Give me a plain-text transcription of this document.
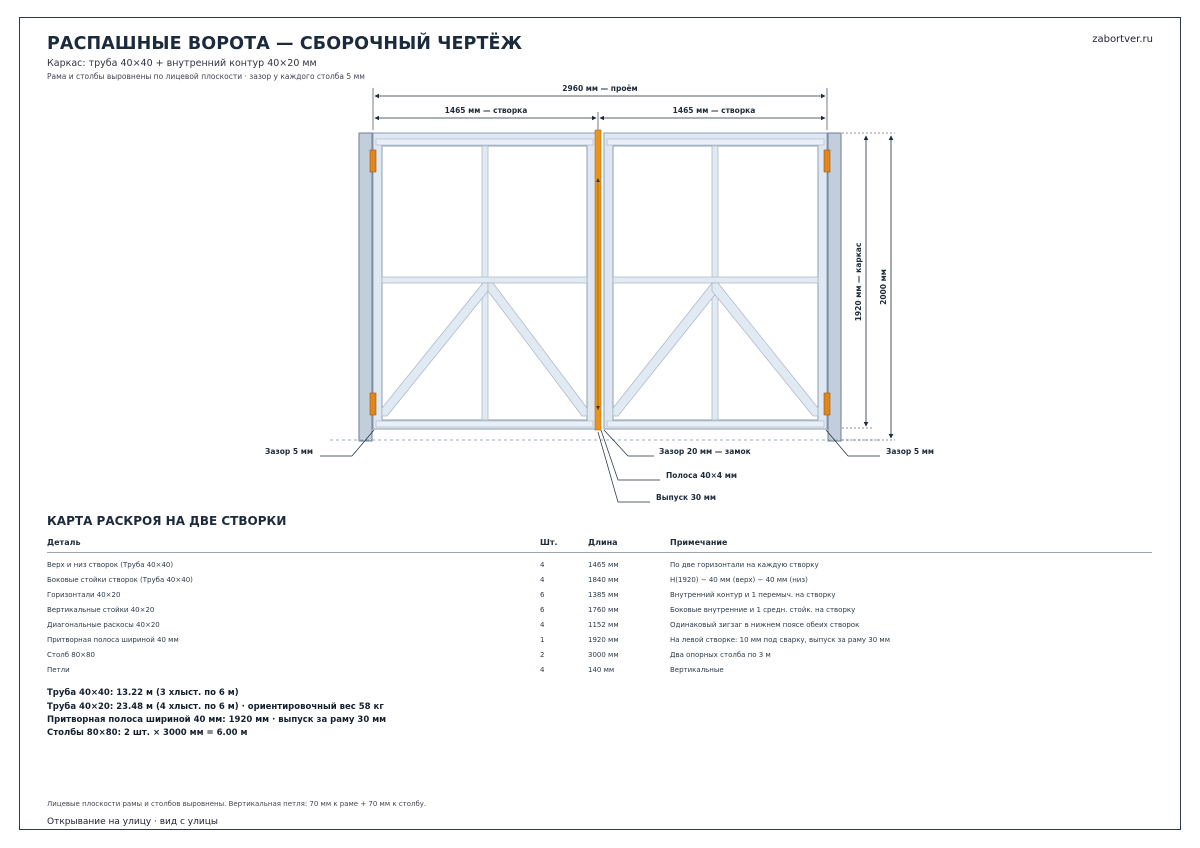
РАСПАШНЫЕ ВОРОТА — СБОРОЧНЫЙ ЧЕРТЁЖ
Каркас: труба 40×40 + внутренний контур 40×20 мм
Рама и столбы выровнены по лицевой плоскости · зазор у каждого столба 5 мм
zabortver.ru
2960 мм — проём
1465 мм — створка	1465 мм — створка
1920 мм — каркас 2000 мм
Зазор 5 мм	Зазор 5 мм
Зазор 20 мм — замок
Полоса 40×4 мм
Выпуск 30 мм
КАРТА РАСКРОЯ НА ДВЕ СТВОРКИ
Деталь	Шт.	Длина	Примечание
Верх и низ створок (Труба 40×40)	4	1465 мм	По две горизонтали на каждую створку
Боковые стойки створок (Труба 40×40)	4	1840 мм	H(1920) − 40 мм (верх) − 40 мм (низ)
Горизонтали 40×20	6	1385 мм	Внутренний контур и 1 перемыч. на створку
Вертикальные стойки 40×20	6	1760 мм	Боковые внутренние и 1 средн. стойк. на створку
Диагональные раскосы 40×20	4	1152 мм	Одинаковый зигзаг в нижнем поясе обеих створок
Притворная полоса шириной 40 мм	1	1920 мм	На левой створке: 10 мм под сварку, выпуск за раму 30 мм
Столб 80×80	2	3000 мм	Два опорных столба по 3 м
Петли	4	140 мм	Вертикальные
Труба 40×40: 13.22 м (3 хлыст. по 6 м)
Труба 40×20: 23.48 м (4 хлыст. по 6 м) · ориентировочный вес 58 кг
Притворная полоса шириной 40 мм: 1920 мм · выпуск за раму 30 мм
Столбы 80×80: 2 шт. × 3000 мм = 6.00 м
Лицевые плоскости рамы и столбов выровнены. Вертикальная петля: 70 мм к раме + 70 мм к столбу.
Открывание на улицу · вид с улицы
